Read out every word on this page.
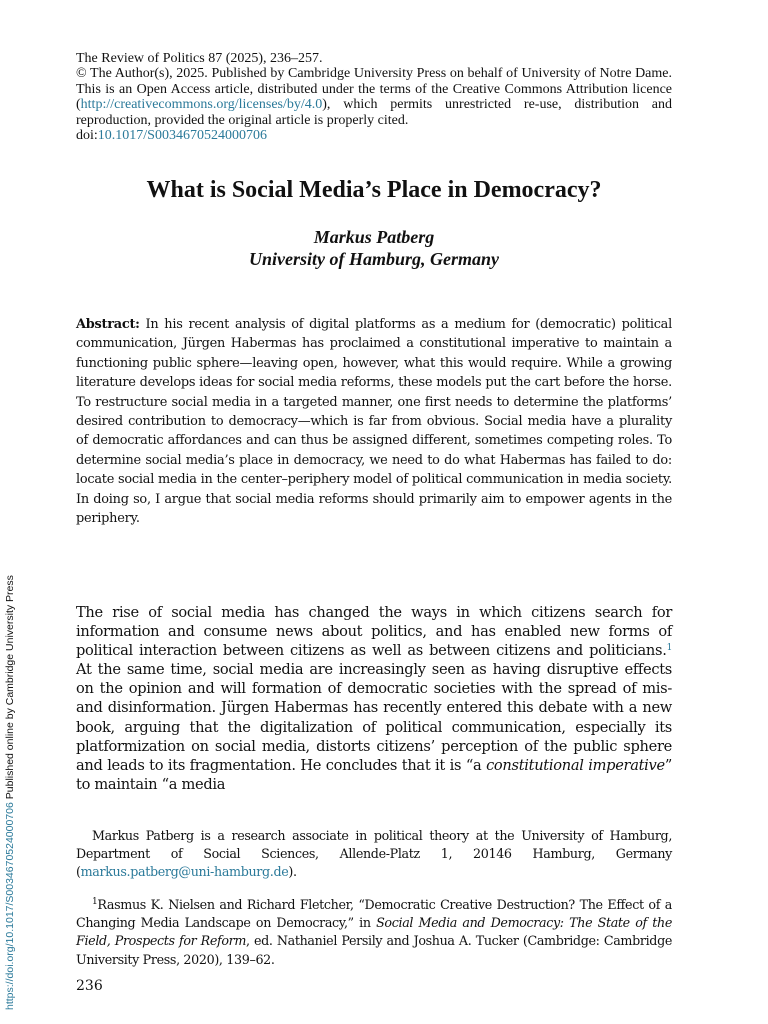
https://doi.org/10.1017/S0034670524000706 Published online by Cambridge University Press
The Review of Politics 87 (2025), 236–257.
© The Author(s), 2025. Published by Cambridge University Press on behalf of University of Notre Dame. This is an Open Access article, distributed under the terms of the Creative Commons Attribution licence (http://creativecommons.org/licenses/by/4.0), which permits unrestricted re-use, distribution and reproduction, provided the original article is properly cited.
doi:10.1017/S0034670524000706
What is Social Media’s Place in Democracy?
Markus Patberg
University of Hamburg, Germany
Abstract: In his recent analysis of digital platforms as a medium for (democratic) political communication, Jürgen Habermas has proclaimed a constitutional imperative to maintain a functioning public sphere—leaving open, however, what this would require. While a growing literature develops ideas for social media reforms, these models put the cart before the horse. To restructure social media in a targeted manner, one first needs to determine the platforms’ desired contribution to democracy—which is far from obvious. Social media have a plurality of democratic affordances and can thus be assigned different, sometimes competing roles. To determine social media’s place in democracy, we need to do what Habermas has failed to do: locate social media in the center–periphery model of political communication in media society. In doing so, I argue that social media reforms should primarily aim to empower agents in the periphery.
The rise of social media has changed the ways in which citizens search for information and consume news about politics, and has enabled new forms of political interaction between citizens as well as between citizens and politicians.$^1$ At the same time, social media are increasingly seen as having disruptive effects on the opinion and will formation of democratic societies with the spread of mis- and disinformation. Jürgen Habermas has recently entered this debate with a new book, arguing that the digitalization of political communication, especially its platformization on social media, distorts citizens’ perception of the public sphere and leads to its fragmentation. He concludes that it is “a constitutional imperative” to maintain “a media
Markus Patberg is a research associate in political theory at the University of Hamburg, Department of Social Sciences, Allende-Platz 1, 20146 Hamburg, Germany (markus.patberg@uni-hamburg.de).
$^1$Rasmus K. Nielsen and Richard Fletcher, “Democratic Creative Destruction? The Effect of a Changing Media Landscape on Democracy,” in Social Media and Democracy: The State of the Field, Prospects for Reform, ed. Nathaniel Persily and Joshua A. Tucker (Cambridge: Cambridge University Press, 2020), 139–62.
236
